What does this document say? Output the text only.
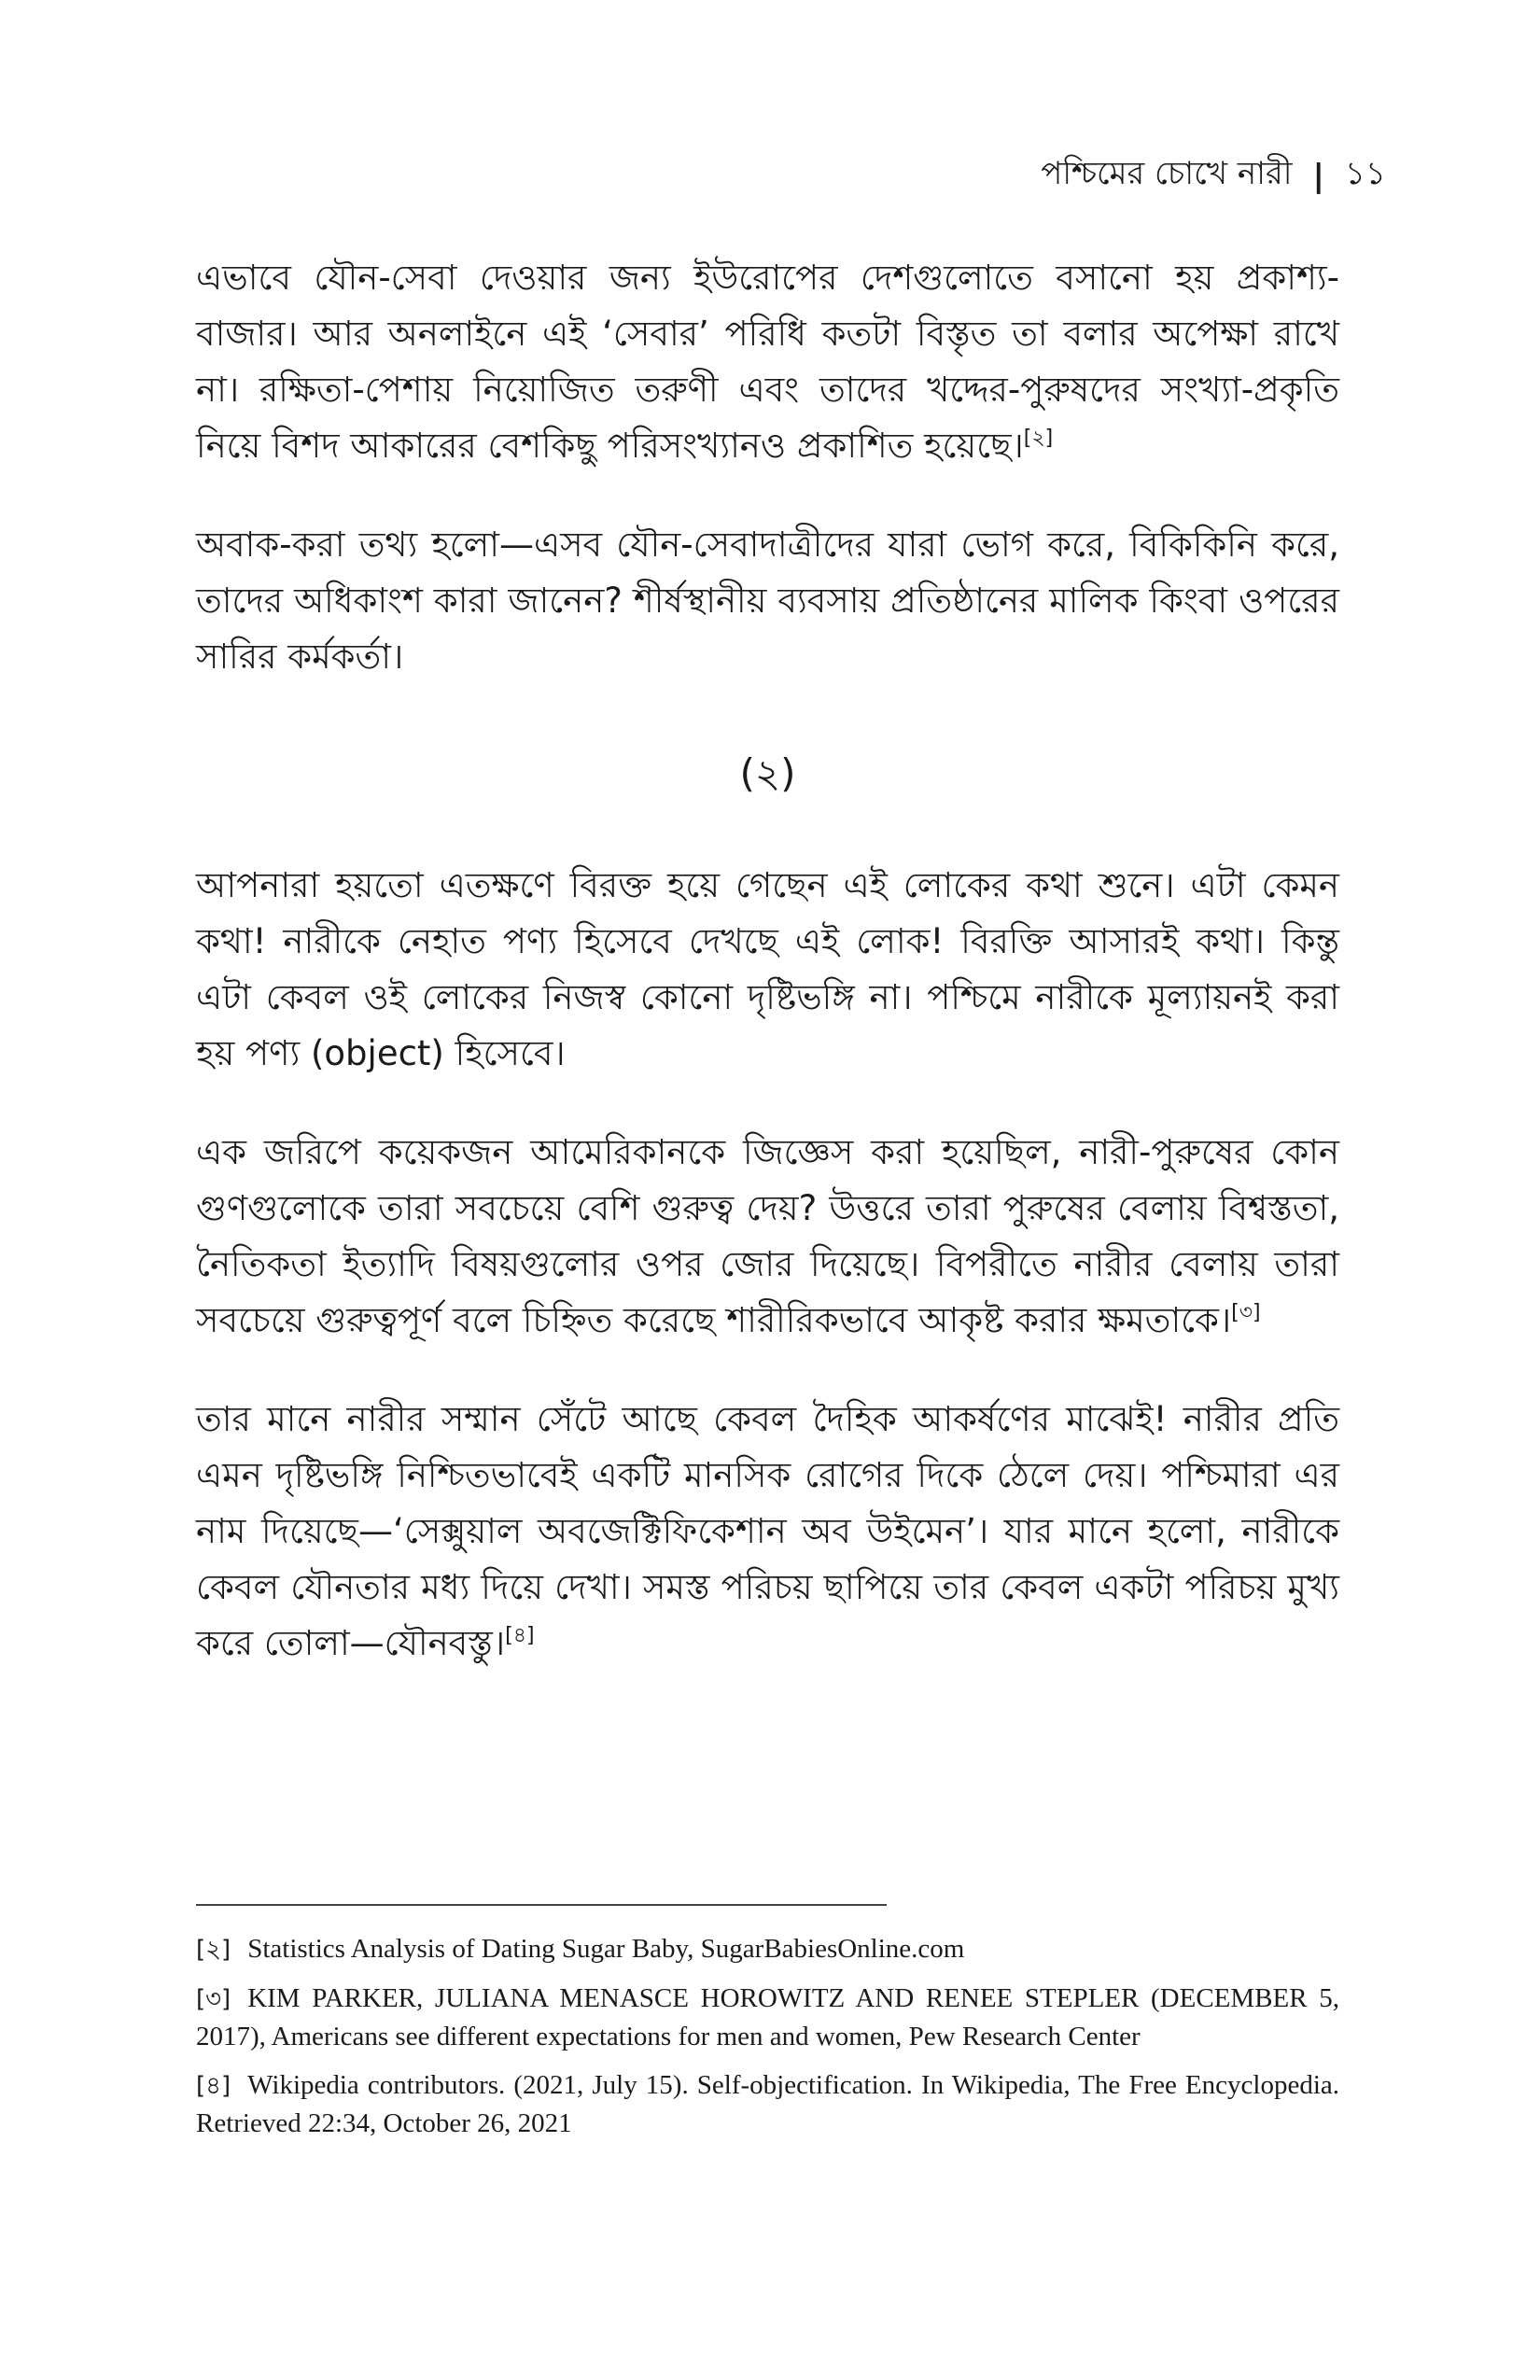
পশ্চিমের চোখে নারী | ১১

এভাবে যৌন-সেবা দেওয়ার জন্য ইউরোপের দেশগুলোতে বসানো হয় প্রকাশ্য-বাজার। আর অনলাইনে এই ‘সেবার’ পরিধি কতটা বিস্তৃত তা বলার অপেক্ষা রাখে না। রক্ষিতা-পেশায় নিয়োজিত তরুণী এবং তাদের খদ্দের-পুরুষদের সংখ্যা-প্রকৃতি নিয়ে বিশদ আকারের বেশকিছু পরিসংখ্যানও প্রকাশিত হয়েছে।[২]

অবাক-করা তথ্য হলো—এসব যৌন-সেবাদাত্রীদের যারা ভোগ করে, বিকিকিনি করে, তাদের অধিকাংশ কারা জানেন? শীর্ষস্থানীয় ব্যবসায় প্রতিষ্ঠানের মালিক কিংবা ওপরের সারির কর্মকর্তা।

(২)

আপনারা হয়তো এতক্ষণে বিরক্ত হয়ে গেছেন এই লোকের কথা শুনে। এটা কেমন কথা! নারীকে নেহাত পণ্য হিসেবে দেখছে এই লোক! বিরক্তি আসারই কথা। কিন্তু এটা কেবল ওই লোকের নিজস্ব কোনো দৃষ্টিভঙ্গি না। পশ্চিমে নারীকে মূল্যায়নই করা হয় পণ্য (object) হিসেবে।

এক জরিপে কয়েকজন আমেরিকানকে জিজ্ঞেস করা হয়েছিল, নারী-পুরুষের কোন গুণগুলোকে তারা সবচেয়ে বেশি গুরুত্ব দেয়? উত্তরে তারা পুরুষের বেলায় বিশ্বস্ততা, নৈতিকতা ইত্যাদি বিষয়গুলোর ওপর জোর দিয়েছে। বিপরীতে নারীর বেলায় তারা সবচেয়ে গুরুত্বপূর্ণ বলে চিহ্নিত করেছে শারীরিকভাবে আকৃষ্ট করার ক্ষমতাকে।[৩]

তার মানে নারীর সম্মান সেঁটে আছে কেবল দৈহিক আকর্ষণের মাঝেই! নারীর প্রতি এমন দৃষ্টিভঙ্গি নিশ্চিতভাবেই একটি মানসিক রোগের দিকে ঠেলে দেয়। পশ্চিমারা এর নাম দিয়েছে—‘সেক্সুয়াল অবজেক্টিফিকেশান অব উইমেন’। যার মানে হলো, নারীকে কেবল যৌনতার মধ্য দিয়ে দেখা। সমস্ত পরিচয় ছাপিয়ে তার কেবল একটা পরিচয় মুখ্য করে তোলা—যৌনবস্তু।[৪]

[২] Statistics Analysis of Dating Sugar Baby, SugarBabiesOnline.com

[৩] KIM PARKER, JULIANA MENASCE HOROWITZ AND RENEE STEPLER (DECEMBER 5, 2017), Americans see different expectations for men and women, Pew Research Center

[৪] Wikipedia contributors. (2021, July 15). Self-objectification. In Wikipedia, The Free Encyclopedia. Retrieved 22:34, October 26, 2021
